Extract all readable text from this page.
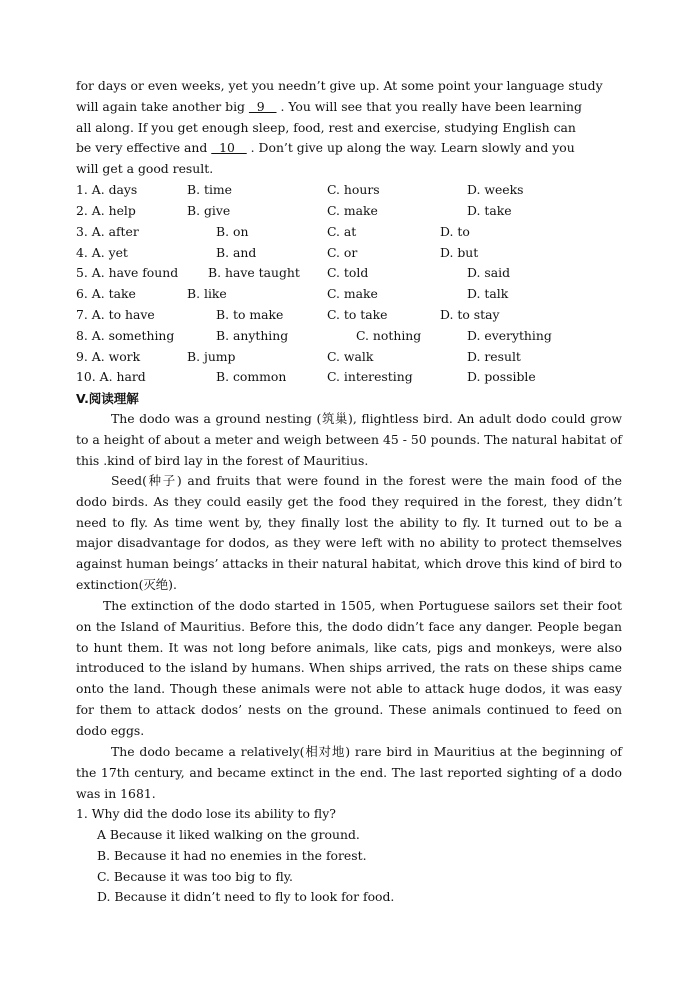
for days or even weeks, yet you needn’t give up. At some point your language study
will again take another big   9    . You will see that you really have been learning
all along. If you get enough sleep, food, rest and exercise, studying English can
be very effective and   10    . Don’t give up along the way. Learn slowly and you
will get a good result.
1. A. days	B. time	C. hours	D. weeks
2. A. help	B. give	C. make	D. take
3. A. after	B. on	C. at	D. to
4. A. yet	B. and	C. or	D. but
5. A. have found B. have taught C. told	D. said
6. A. take	B. like	C. make	D. talk
7. A. to have	B. to make	C. to take	D. to stay
8. A. something	B. anything	C. nothing	D. everything
9. A. work	B. jump	C. walk	D. result
10. A. hard	B. common	C. interesting	D. possible
V.阅读理解
The dodo was a ground nesting (筑巢), flightless bird. An adult dodo could grow to a height of about a meter and weigh between 45 - 50 pounds. The natural habitat of this .kind of bird lay in the forest of Mauritius.
Seed(种子) and fruits that were found in the forest were the main food of the dodo birds. As they could easily get the food they required in the forest, they didn’t need to fly. As time went by, they finally lost the ability to fly. It turned out to be a major disadvantage for dodos, as they were left with no ability to protect themselves against human beings’ attacks in their natural habitat, which drove this kind of bird to extinction(灭绝).
The extinction of the dodo started in 1505, when Portuguese sailors set their foot on the Island of Mauritius. Before this, the dodo didn’t face any danger. People began to hunt them. It was not long before animals, like cats, pigs and monkeys, were also introduced to the island by humans. When ships arrived, the rats on these ships came onto the land. Though these animals were not able to attack huge dodos, it was easy for them to attack dodos’ nests on the ground. These animals continued to feed on dodo eggs.
The dodo became a relatively(相对地) rare bird in Mauritius at the beginning of the 17th century, and became extinct in the end. The last reported sighting of a dodo was in 1681.
1. Why did the dodo lose its ability to fly?
A Because it liked walking on the ground.
B. Because it had no enemies in the forest.
C. Because it was too big to fly.
D. Because it didn’t need to fly to look for food.
